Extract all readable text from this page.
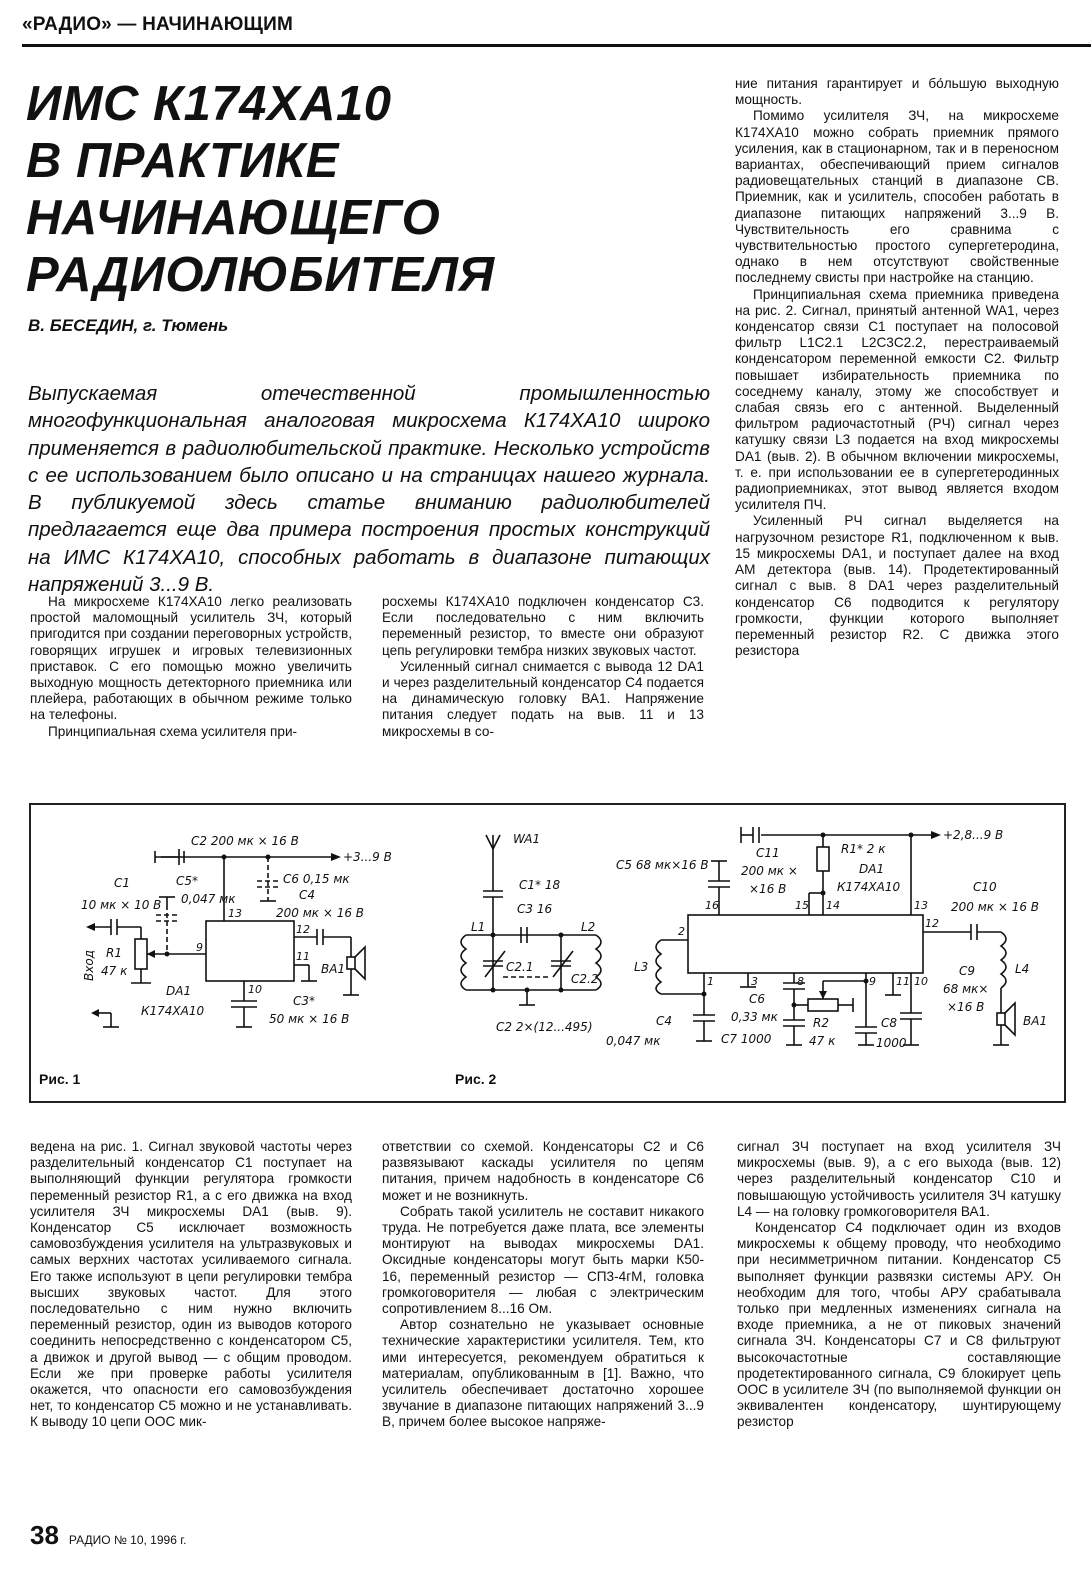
«РАДИО» — НАЧИНАЮЩИМ
ИМС К174ХА10
В ПРАКТИКЕ
НАЧИНАЮЩЕГО
РАДИОЛЮБИТЕЛЯ
В. БЕСЕДИН, г. Тюмень

Выпускаемая отечественной промышленностью многофункциональная аналоговая микросхема К174ХА10 широко применяется в радиолюбительской практике. Несколько устройств с ее использованием было описано и на страницах нашего журнала. В публикуемой здесь статье вниманию радиолюбителей предлагается еще два примера построения простых конструкций на ИМС К174ХА10, способных работать в диапазоне питающих напряжений 3...9 В.

На микросхеме К174ХА10 легко реализовать простой маломощный усилитель ЗЧ, который пригодится при создании переговорных устройств, говорящих игрушек и игровых телевизионных приставок. С его помощью можно увеличить выходную мощность детекторного приемника или плейера, работающих в обычном режиме только на телефоны.

Принципиальная схема усилителя при-

росхемы К174ХА10 подключен конденсатор С3. Если последовательно с ним включить переменный резистор, то вместе они образуют цепь регулировки тембра низких звуковых частот.

Усиленный сигнал снимается с вывода 12 DA1 и через разделительный конденсатор С4 подается на динамическую головку ВА1. Напряжение питания следует подать на выв. 11 и 13 микросхемы в со-

ние питания гарантирует и бо́льшую выходную мощность.

Помимо усилителя ЗЧ, на микросхеме К174ХА10 можно собрать приемник прямого усиления, как в стационарном, так и в переносном вариантах, обеспечивающий прием сигналов радиовещательных станций в диапазоне СВ. Приемник, как и усилитель, способен работать в диапазоне питающих напряжений 3...9 В. Чувствительность его сравнима с чувствительностью простого супергетеродина, однако в нем отсутствуют свойственные последнему свисты при настройке на станцию.

Принципиальная схема приемника приведена на рис. 2. Сигнал, принятый антенной WA1, через конденсатор связи С1 поступает на полосовой фильтр L1C2.1 L2C3C2.2, перестраиваемый конденсатором переменной емкости С2. Фильтр повышает избирательность приемника по соседнему каналу, этому же способствует и слабая связь его с антенной. Выделенный фильтром радиочастотный (РЧ) сигнал через катушку связи L3 подается на вход микросхемы DA1 (выв. 2). В обычном включении микросхемы, т. е. при использовании ее в супергетеродинных радиоприемниках, этот вывод является входом усилителя ПЧ.

Усиленный РЧ сигнал выделяется на нагрузочном резисторе R1, подключенном к выв. 15 микросхемы DA1, и поступает далее на вход АМ детектора (выв. 14). Продетектированный сигнал с выв. 8 DA1 через разделительный конденсатор С6 подводится к регулятору громкости, функции которого выполняет переменный резистор R2. С движка этого резистора

C2 200 мк × 16 В
+3...9 В
C5*
0,047 мк
C6 0,15 мк
C4
200 мк × 16 В
C1
10 мк × 10 В
R1
47 к
Вход
DA1
К174ХА10
BA1
C3*
50 мк × 16 В
9
13
12
11
10
WA1
C1* 18
C3 16
L1	L2
L3
C2.1
C2.2
C2 2×(12...495)
C5 68 мк×16 В
C11
200 мк ×
×16 В
R1* 2 к
DA1
К174ХА10
+2,8...9 В
C10
200 мк × 16 В
C9
68 мк×
×16 В
L4
BA1
C4
0,047 мк
C6
0,33 мк
C7 1000
R2
47 к
C8
1000
16	15 14	13
12
2
1	3	8	9 11 10
Рис. 1	Рис. 2

ведена на рис. 1. Сигнал звуковой частоты через разделительный конденсатор С1 поступает на выполняющий функции регулятора громкости переменный резистор R1, а с его движка на вход усилителя ЗЧ микросхемы DA1 (выв. 9). Конденсатор С5 исключает возможность самовозбуждения усилителя на ультразвуковых и самых верхних частотах усиливаемого сигнала. Его также используют в цепи регулировки тембра высших звуковых частот. Для этого последовательно с ним нужно включить переменный резистор, один из выводов которого соединить непосредственно с конденсатором С5, а движок и другой вывод — с общим проводом. Если же при проверке работы усилителя окажется, что опасности его самовозбуждения нет, то конденсатор С5 можно и не устанавливать. К выводу 10 цепи ООС мик-

ответствии со схемой. Конденсаторы С2 и С6 развязывают каскады усилителя по цепям питания, причем надобность в конденсаторе С6 может и не возникнуть.

Собрать такой усилитель не составит никакого труда. Не потребуется даже плата, все элементы монтируют на выводах микросхемы DA1. Оксидные конденсаторы могут быть марки К50-16, переменный резистор — СП3-4гМ, головка громкоговорителя — любая с электрическим сопротивлением 8...16 Ом.

Автор сознательно не указывает основные технические характеристики усилителя. Тем, кто ими интересуется, рекомендуем обратиться к материалам, опубликованным в [1]. Важно, что усилитель обеспечивает достаточно хорошее звучание в диапазоне питающих напряжений 3...9 В, причем более высокое напряже-

сигнал ЗЧ поступает на вход усилителя ЗЧ микросхемы (выв. 9), а с его выхода (выв. 12) через разделительный конденсатор С10 и повышающую устойчивость усилителя ЗЧ катушку L4 — на головку громкоговорителя ВА1.

Конденсатор С4 подключает один из входов микросхемы к общему проводу, что необходимо при несимметричном питании. Конденсатор С5 выполняет функции развязки системы АРУ. Он необходим для того, чтобы АРУ срабатывала только при медленных изменениях сигнала на входе приемника, а не от пиковых значений сигнала ЗЧ. Конденсаторы С7 и С8 фильтруют высокочастотные составляющие продетектированного сигнала, С9 блокирует цепь ООС в усилителе ЗЧ (по выполняемой функции он эквивалентен конденсатору, шунтирующему резистор

38 РАДИО № 10, 1996 г.
